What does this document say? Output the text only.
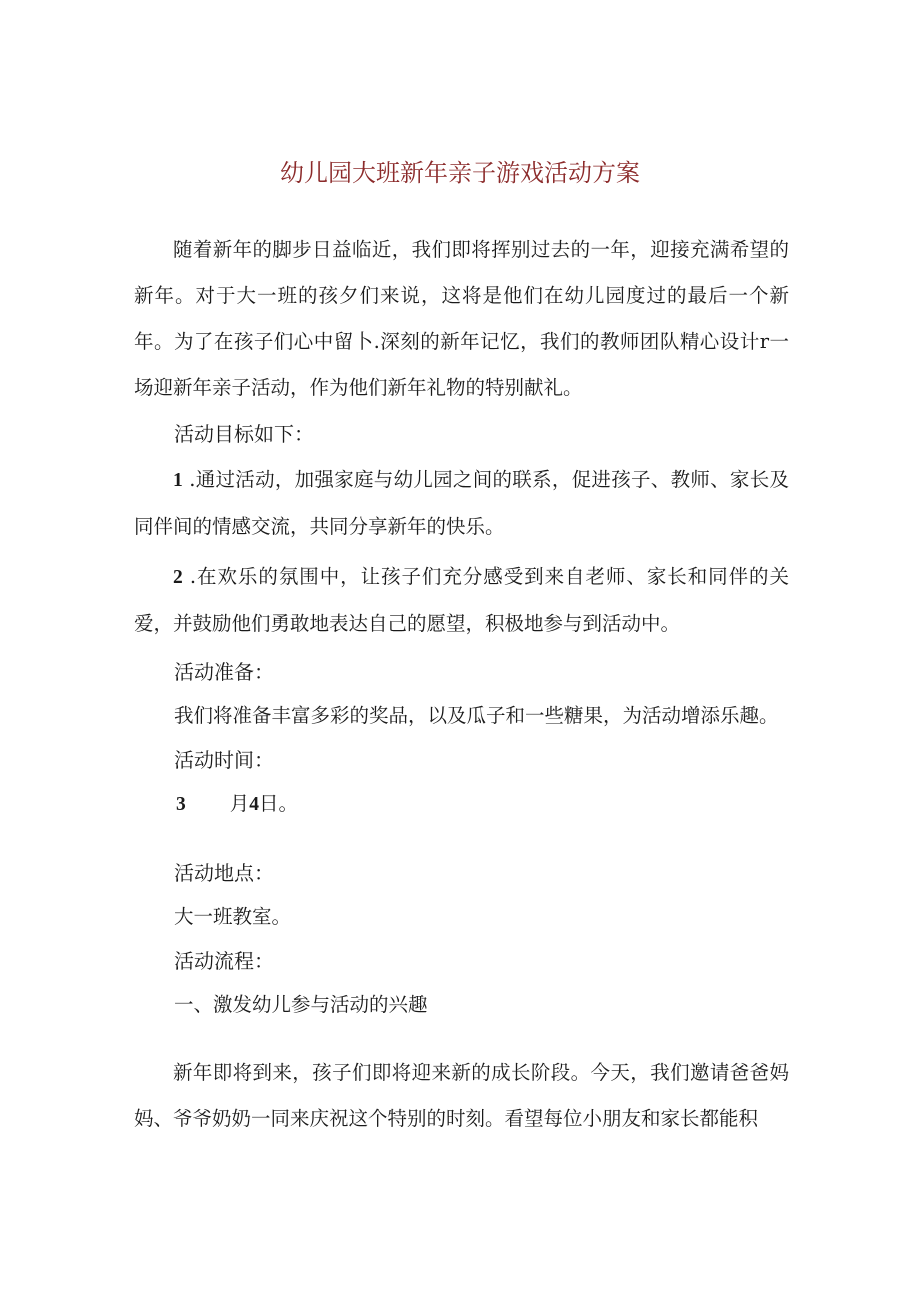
幼儿园大班新年亲子游戏活动方案

随着新年的脚步日益临近，我们即将挥别过去的一年，迎接充满希望的新年。对于大一班的孩夕们来说，这将是他们在幼儿园度过的最后一个新年。为了在孩子们心中留卜.深刻的新年记忆，我们的教师团队精心设计r一场迎新年亲子活动，作为他们新年礼物的特别献礼。

活动目标如下：

1 .通过活动，加强家庭与幼儿园之间的联系，促进孩子、教师、家长及同伴间的情感交流，共同分享新年的快乐。

2 .在欢乐的氛围中，让孩子们充分感受到来自老师、家长和同伴的关爱，并鼓励他们勇敢地表达自己的愿望，积极地参与到活动中。

活动准备：

我们将准备丰富多彩的奖品，以及瓜子和一些糖果，为活动增添乐趣。

活动时间：

3 月4日。

活动地点：

大一班教室。

活动流程：

一、激发幼儿参与活动的兴趣

新年即将到来，孩子们即将迎来新的成长阶段。今天，我们邀请爸爸妈妈、爷爷奶奶一同来庆祝这个特别的时刻。看望每位小朋友和家长都能积
